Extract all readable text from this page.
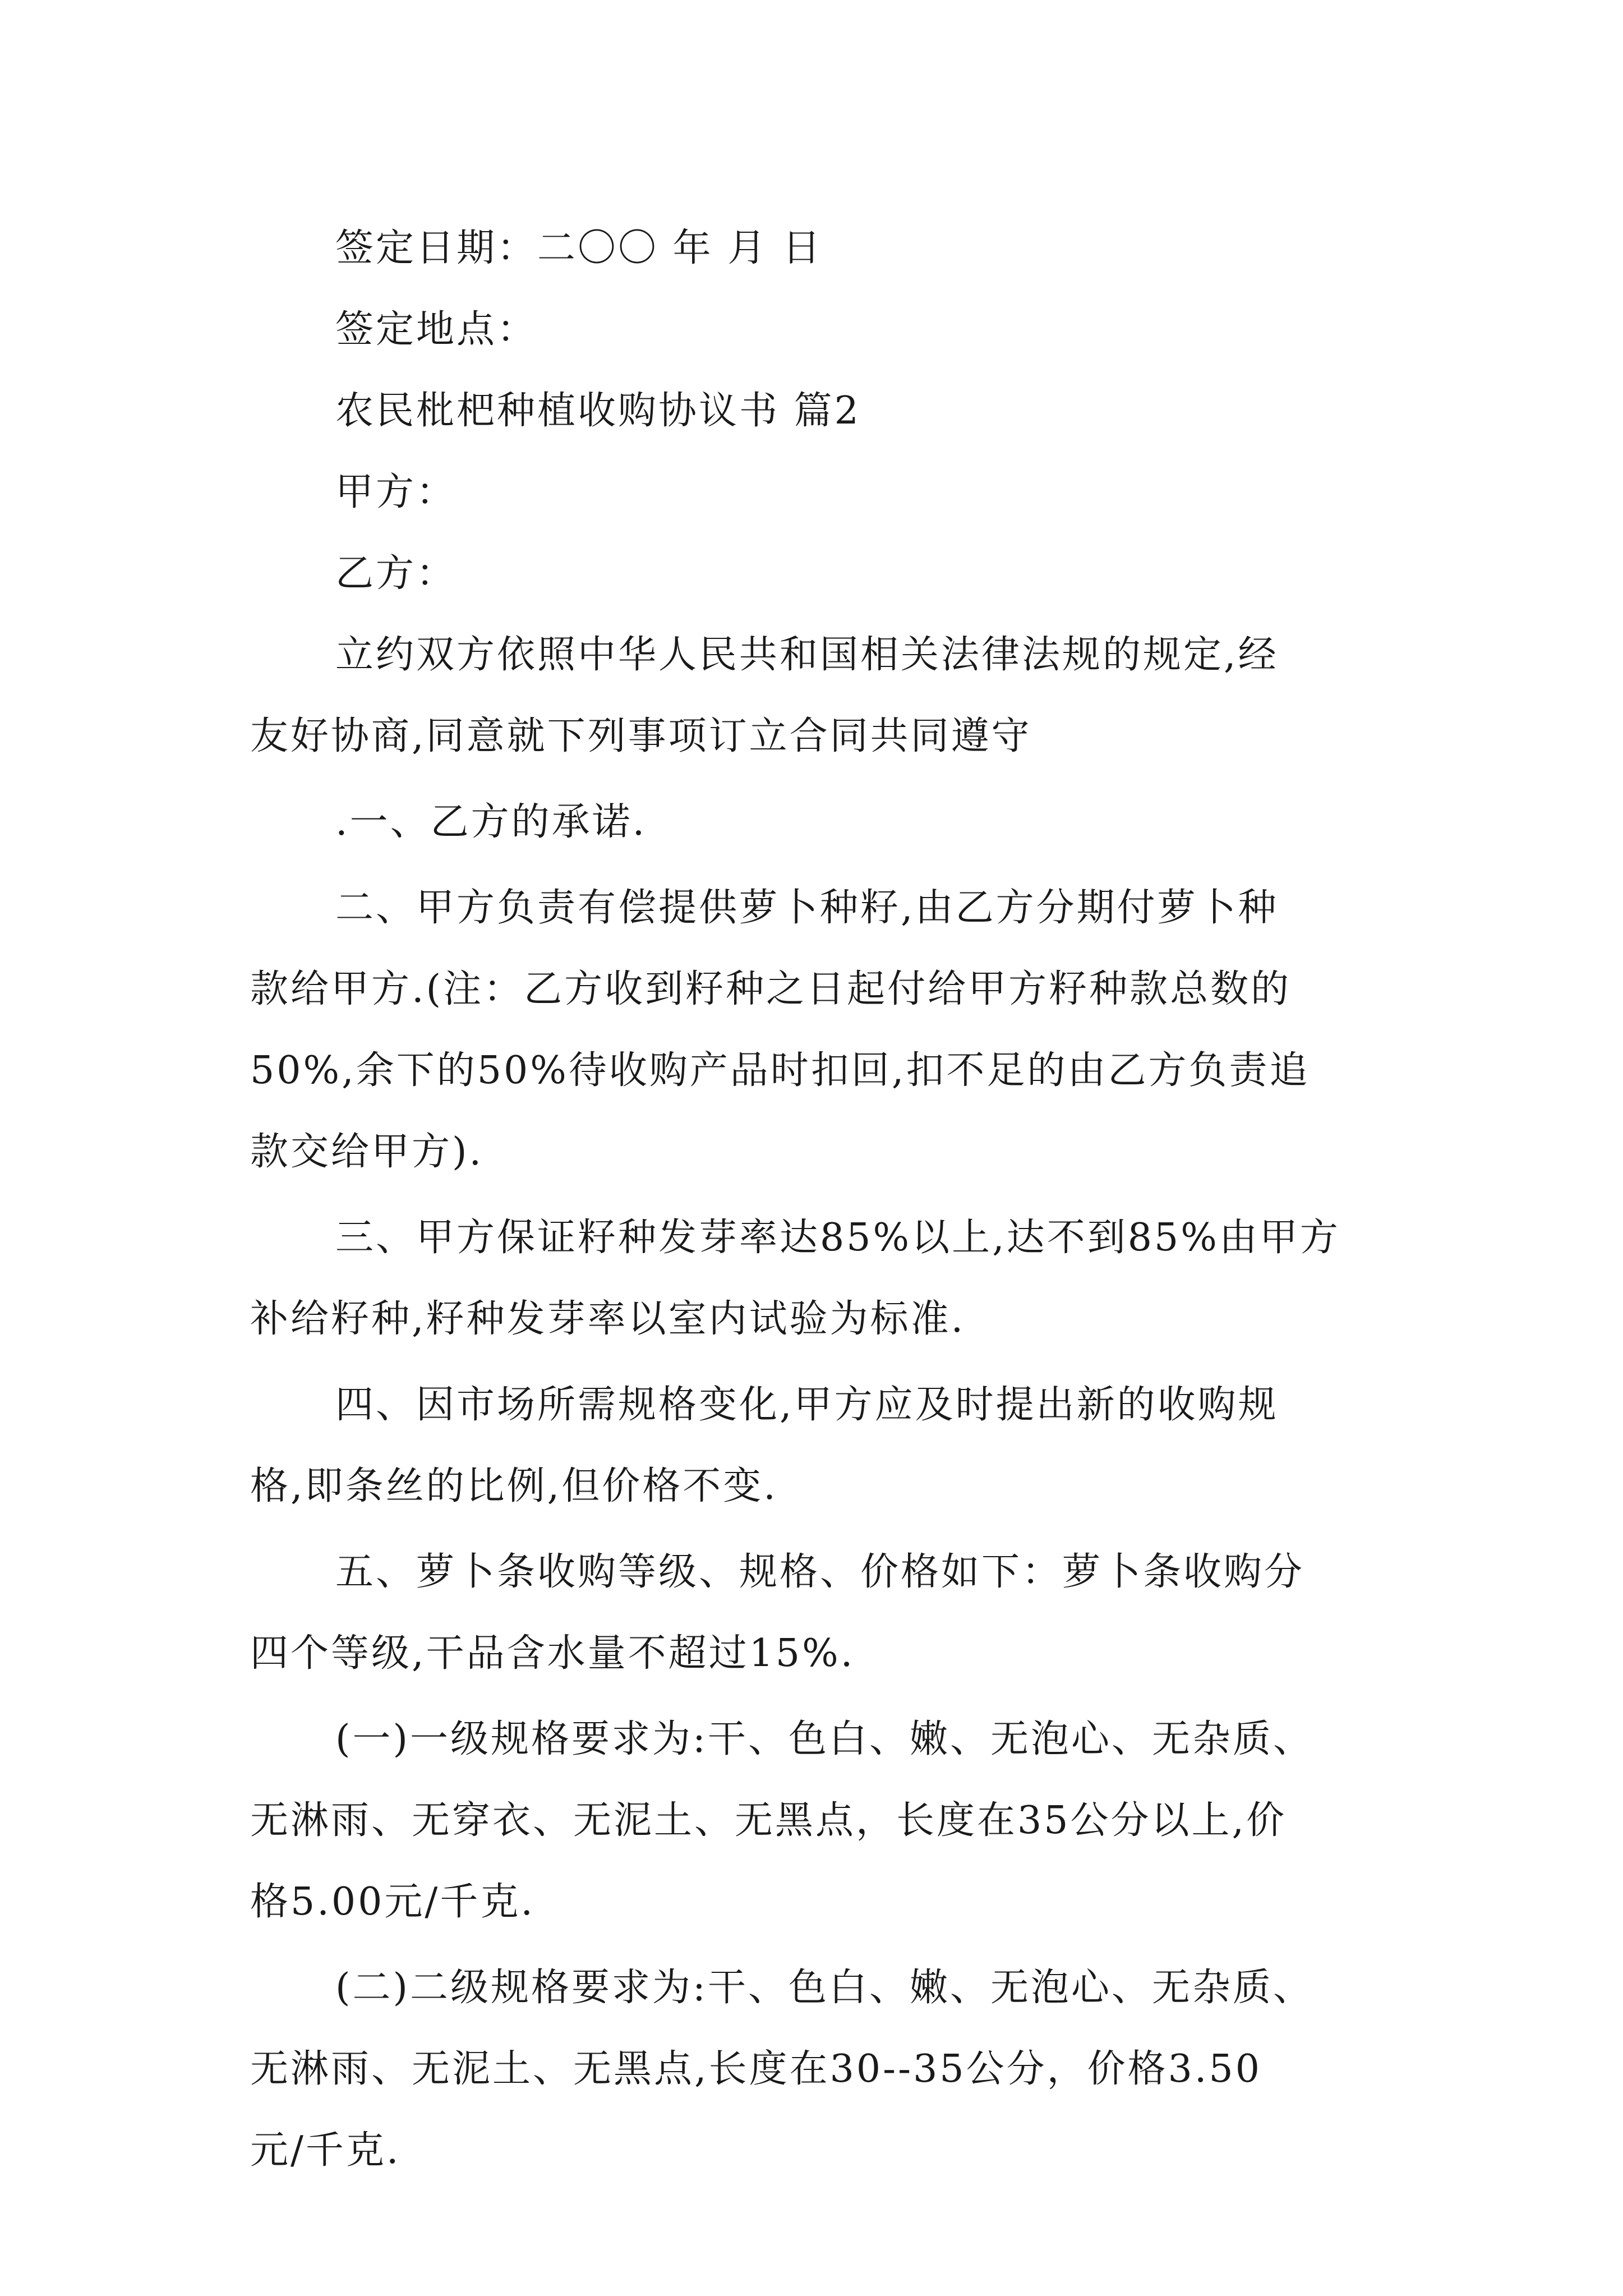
签定日期：二〇〇 年 月 日
签定地点：
农民枇杷种植收购协议书 篇2
甲方：
乙方：
立约双方依照中华人民共和国相关法律法规的规定,经
友好协商,同意就下列事项订立合同共同遵守
.一、乙方的承诺.
二、甲方负责有偿提供萝卜种籽,由乙方分期付萝卜种
款给甲方.(注：乙方收到籽种之日起付给甲方籽种款总数的
50%,余下的50%待收购产品时扣回,扣不足的由乙方负责追
款交给甲方).
三、甲方保证籽种发芽率达85%以上,达不到85%由甲方
补给籽种,籽种发芽率以室内试验为标准.
四、因市场所需规格变化,甲方应及时提出新的收购规
格,即条丝的比例,但价格不变.
五、萝卜条收购等级、规格、价格如下：萝卜条收购分
四个等级,干品含水量不超过15%.
(一)一级规格要求为:干、色白、嫩、无泡心、无杂质、
无淋雨、无穿衣、无泥土、无黑点，长度在35公分以上,价
格5.00元/千克.
(二)二级规格要求为:干、色白、嫩、无泡心、无杂质、
无淋雨、无泥土、无黑点,长度在30--35公分，价格3.50
元/千克.
